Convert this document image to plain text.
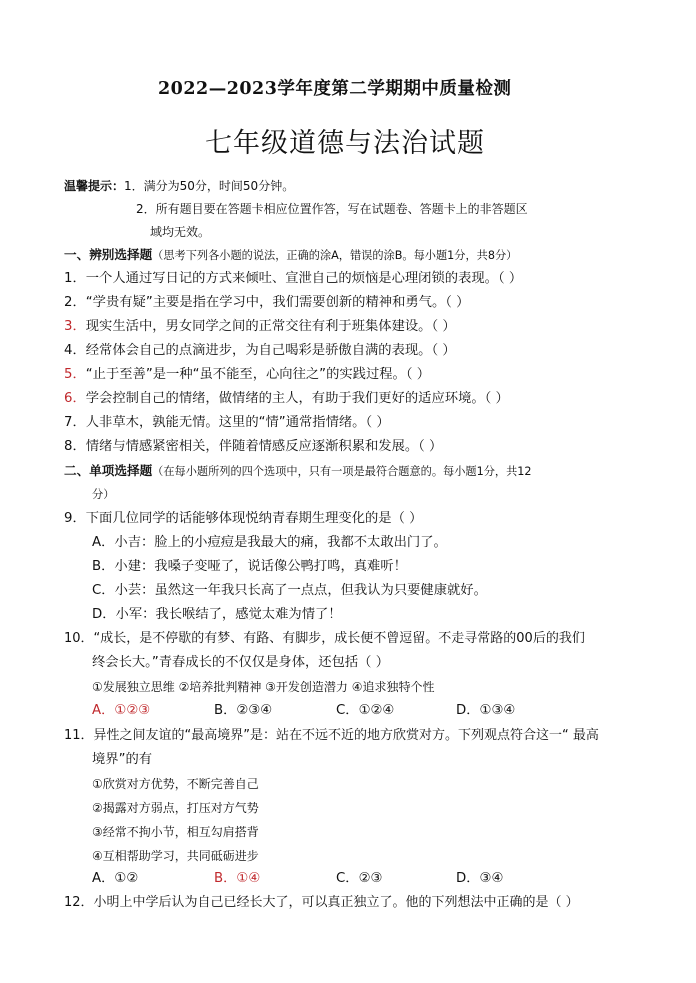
2022—2023学年度第二学期期中质量检测
七年级道德与法治试题
温馨提示：1．满分为50分，时间50分钟。
2．所有题目要在答题卡相应位置作答，写在试题卷、答题卡上的非答题区
域均无效。
一、辨别选择题（思考下列各小题的说法，正确的涂A，错误的涂B。每小题1分，共8分）
1．一个人通过写日记的方式来倾吐、宣泄自己的烦恼是心理闭锁的表现。（ ）
2．“学贵有疑”主要是指在学习中，我们需要创新的精神和勇气。（ ）
3．现实生活中，男女同学之间的正常交往有利于班集体建设。（ ）
4．经常体会自己的点滴进步，为自己喝彩是骄傲自满的表现。（ ）
5．“止于至善”是一种“虽不能至，心向往之”的实践过程。（ ）
6．学会控制自己的情绪，做情绪的主人，有助于我们更好的适应环境。（ ）
7．人非草木，孰能无情。这里的“情”通常指情绪。（ ）
8．情绪与情感紧密相关，伴随着情感反应逐渐积累和发展。（ ）
二、单项选择题（在每小题所列的四个选项中，只有一项是最符合题意的。每小题1分，共12
分）
9．下面几位同学的话能够体现悦纳青春期生理变化的是（ ）
A．小吉：脸上的小痘痘是我最大的痛，我都不太敢出门了。
B．小建：我嗓子变哑了，说话像公鸭打鸣，真难听！
C．小芸：虽然这一年我只长高了一点点，但我认为只要健康就好。
D．小军：我长喉结了，感觉太难为情了！
10．“成长，是不停歇的有梦、有路、有脚步，成长便不曾逗留。不走寻常路的00后的我们
终会长大。”青春成长的不仅仅是身体，还包括（ ）
①发展独立思维 ②培养批判精神 ③开发创造潜力 ④追求独特个性
A．①②③	B．②③④	C．①②④	D．①③④
11．异性之间友谊的“最高境界”是：站在不远不近的地方欣赏对方。下列观点符合这一“ 最高
境界”的有
①欣赏对方优势，不断完善自己
②揭露对方弱点，打压对方气势
③经常不拘小节，相互勾肩搭背
④互相帮助学习，共同砥砺进步
A．①②	B．①④	C．②③	D．③④
12．小明上中学后认为自己已经长大了，可以真正独立了。他的下列想法中正确的是（ ）
